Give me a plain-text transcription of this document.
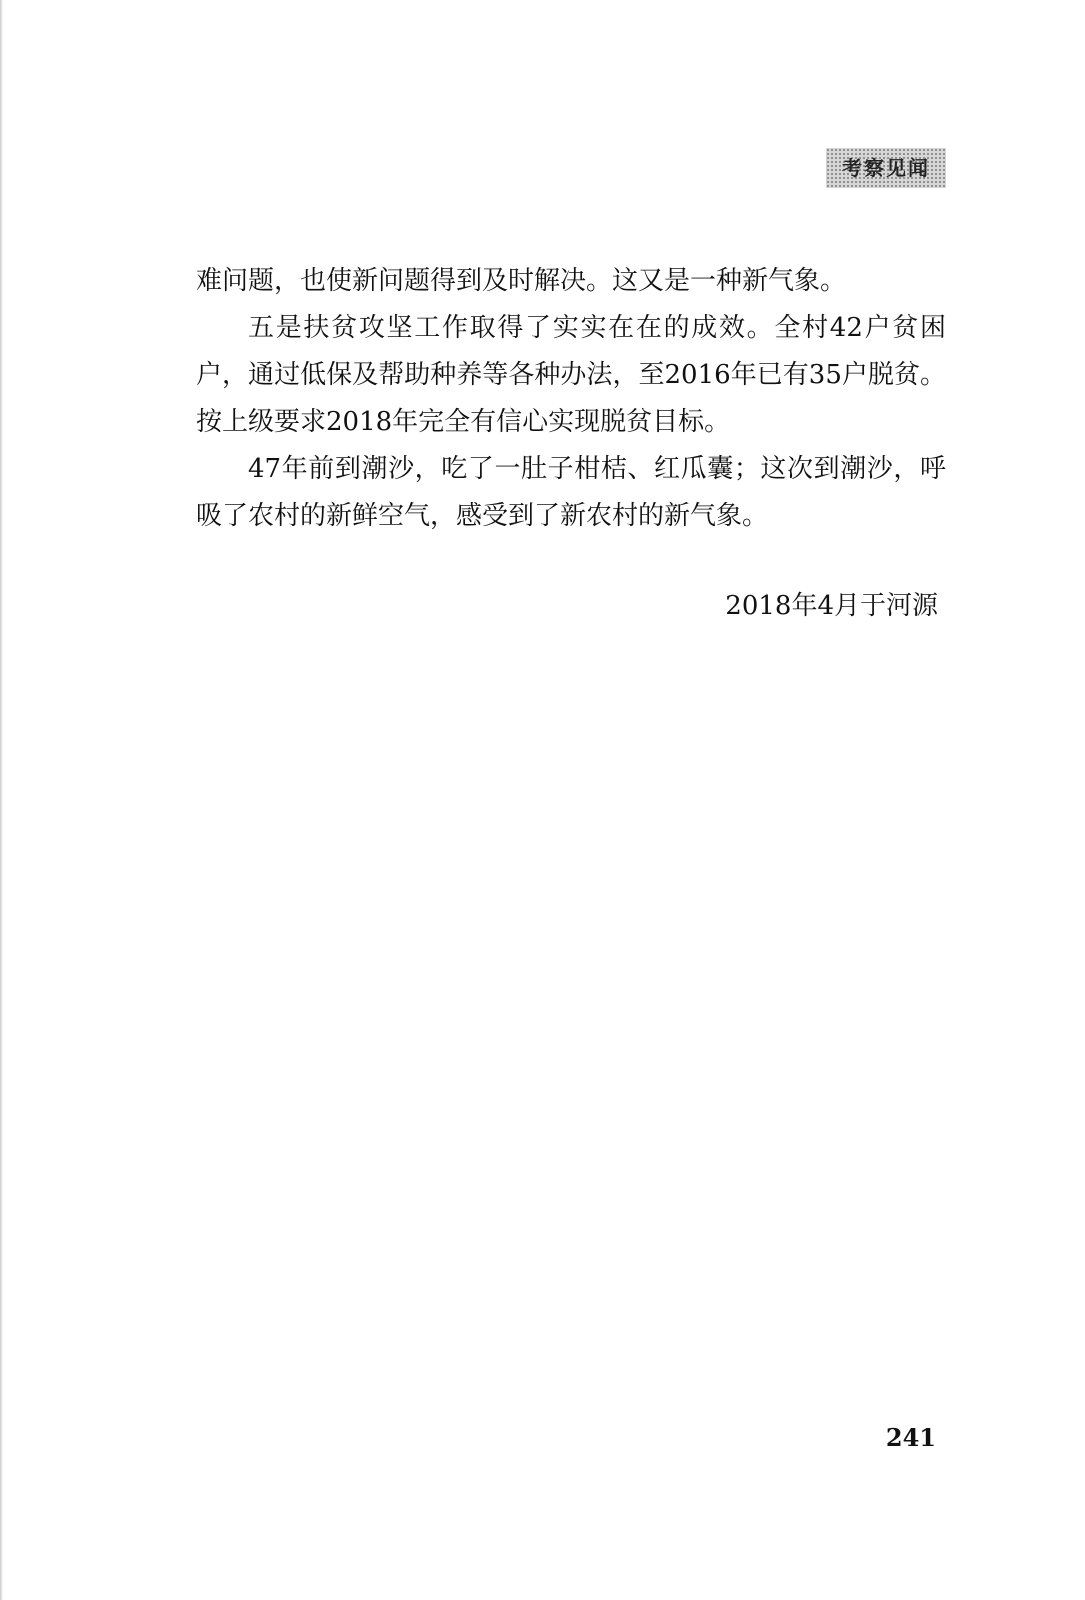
考察见闻

难问题，也使新问题得到及时解决。这又是一种新气象。

五是扶贫攻坚工作取得了实实在在的成效。全村42户贫困户，通过低保及帮助种养等各种办法，至2016年已有35户脱贫。按上级要求2018年完全有信心实现脱贫目标。

47年前到潮沙，吃了一肚子柑桔、红瓜囊；这次到潮沙，呼吸了农村的新鲜空气，感受到了新农村的新气象。

2018年4月于河源
241
